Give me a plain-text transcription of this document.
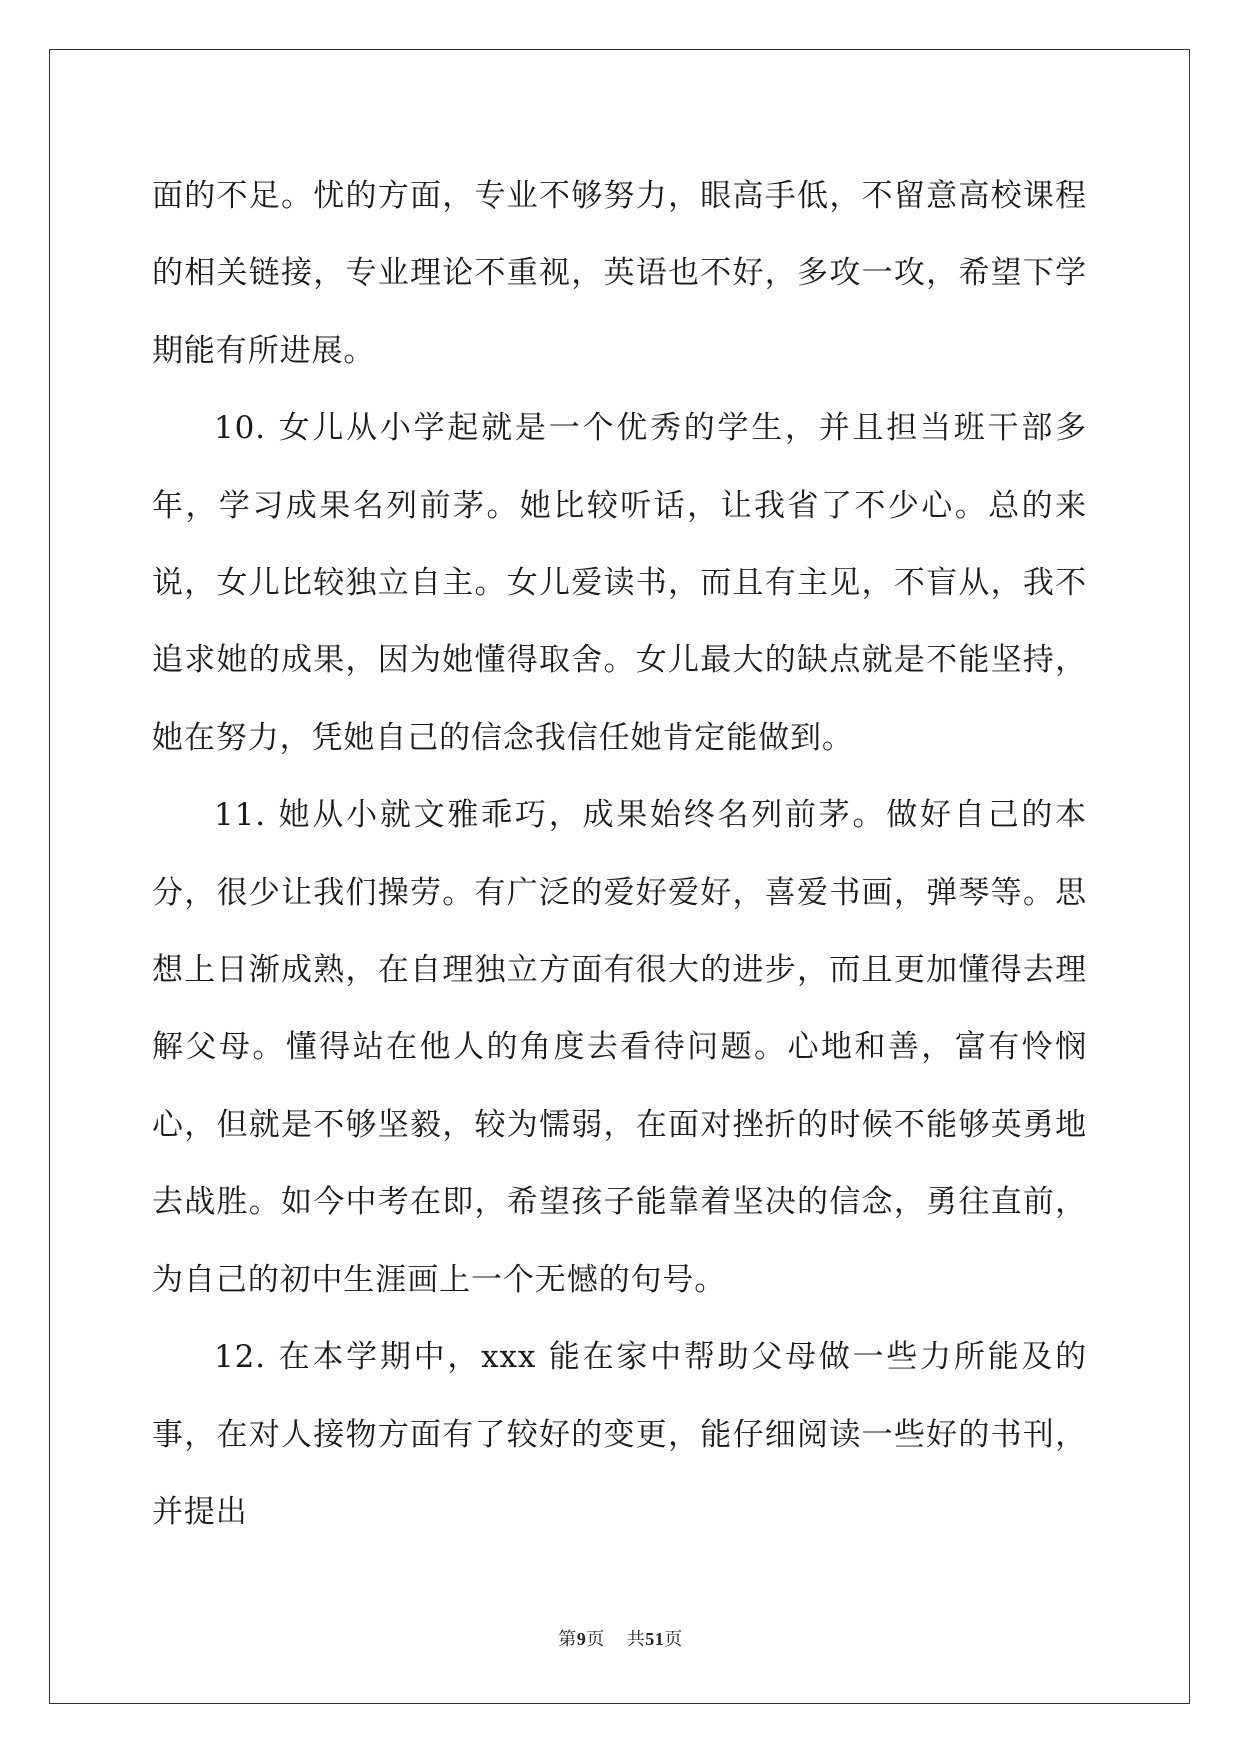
面的不足。忧的方面，专业不够努力，眼高手低，不留意高校课程的相关链接，专业理论不重视，英语也不好，多攻一攻，希望下学期能有所进展。

10. 女儿从小学起就是一个优秀的学生，并且担当班干部多年，学习成果名列前茅。她比较听话，让我省了不少心。总的来说，女儿比较独立自主。女儿爱读书，而且有主见，不盲从，我不追求她的成果，因为她懂得取舍。女儿最大的缺点就是不能坚持，她在努力，凭她自己的信念我信任她肯定能做到。

11. 她从小就文雅乖巧，成果始终名列前茅。做好自己的本分，很少让我们操劳。有广泛的爱好爱好，喜爱书画，弹琴等。思想上日渐成熟，在自理独立方面有很大的进步，而且更加懂得去理解父母。懂得站在他人的角度去看待问题。心地和善，富有怜悯心，但就是不够坚毅，较为懦弱，在面对挫折的时候不能够英勇地去战胜。如今中考在即，希望孩子能靠着坚决的信念，勇往直前，为自己的初中生涯画上一个无憾的句号。

12. 在本学期中，xxx 能在家中帮助父母做一些力所能及的事，在对人接物方面有了较好的变更，能仔细阅读一些好的书刊，并提出

第9页 共51页
